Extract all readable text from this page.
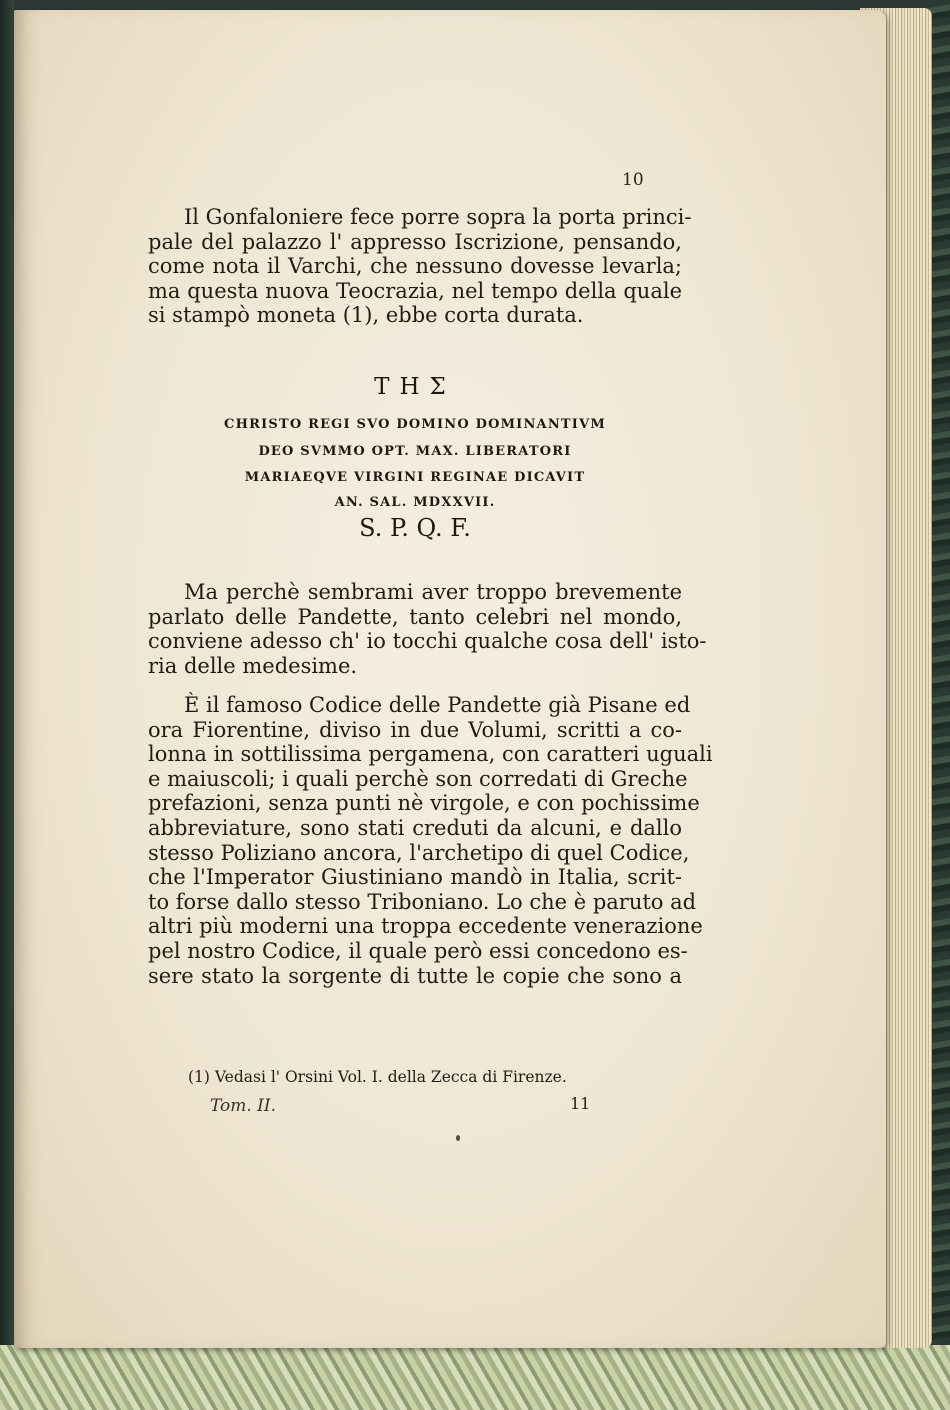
10
Il Gonfaloniere fece porre sopra la porta princi-
pale del palazzo l' appresso Iscrizione, pensando,
come nota il Varchi, che nessuno dovesse levarla;
ma questa nuova Teocrazia, nel tempo della quale
si stampò moneta (1), ebbe corta durata.
ΤΗΣ
CHRISTO REGI SVO DOMINO DOMINANTIVM
DEO SVMMO OPT. MAX. LIBERATORI
MARIAEQVE VIRGINI REGINAE DICAVIT
AN. SAL. MDXXVII.
S. P. Q. F.
Ma perchè sembrami aver troppo brevemente
parlato delle Pandette, tanto celebri nel mondo,
conviene adesso ch' io tocchi qualche cosa dell' isto-
ria delle medesime.
È il famoso Codice delle Pandette già Pisane ed
ora Fiorentine, diviso in due Volumi, scritti a co-
lonna in sottilissima pergamena, con caratteri uguali
e maiuscoli; i quali perchè son corredati di Greche
prefazioni, senza punti nè virgole, e con pochissime
abbreviature, sono stati creduti da alcuni, e dallo
stesso Poliziano ancora, l'archetipo di quel Codice,
che l'Imperator Giustiniano mandò in Italia, scrit-
to forse dallo stesso Triboniano. Lo che è paruto ad
altri più moderni una troppa eccedente venerazione
pel nostro Codice, il quale però essi concedono es-
sere stato la sorgente di tutte le copie che sono a
(1) Vedasi l' Orsini Vol. I. della Zecca di Firenze.
Tom. II.	11
